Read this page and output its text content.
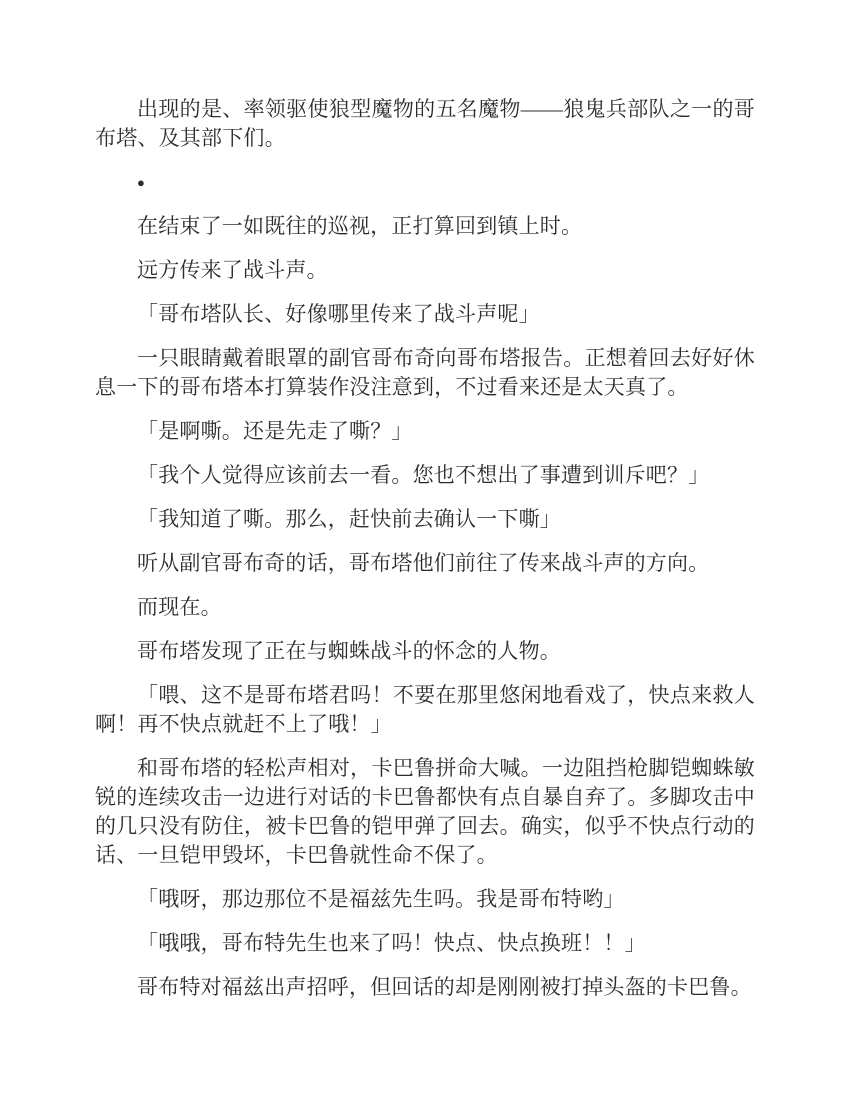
出现的是、率领驱使狼型魔物的五名魔物——狼鬼兵部队之一的哥布塔、及其部下们。

●

在结束了一如既往的巡视，正打算回到镇上时。

远方传来了战斗声。

「哥布塔队长、好像哪里传来了战斗声呢」

一只眼睛戴着眼罩的副官哥布奇向哥布塔报告。正想着回去好好休息一下的哥布塔本打算装作没注意到，不过看来还是太天真了。

「是啊嘶。还是先走了嘶？」

「我个人觉得应该前去一看。您也不想出了事遭到训斥吧？」

「我知道了嘶。那么，赶快前去确认一下嘶」

听从副官哥布奇的话，哥布塔他们前往了传来战斗声的方向。

而现在。

哥布塔发现了正在与蜘蛛战斗的怀念的人物。

「喂、这不是哥布塔君吗！不要在那里悠闲地看戏了，快点来救人啊！再不快点就赶不上了哦！」

和哥布塔的轻松声相对，卡巴鲁拼命大喊。一边阻挡枪脚铠蜘蛛敏锐的连续攻击一边进行对话的卡巴鲁都快有点自暴自弃了。多脚攻击中的几只没有防住，被卡巴鲁的铠甲弹了回去。确实，似乎不快点行动的话、一旦铠甲毁坏，卡巴鲁就性命不保了。

「哦呀，那边那位不是福兹先生吗。我是哥布特哟」

「哦哦，哥布特先生也来了吗！快点、快点换班！！」

哥布特对福兹出声招呼，但回话的却是刚刚被打掉头盔的卡巴鲁。
